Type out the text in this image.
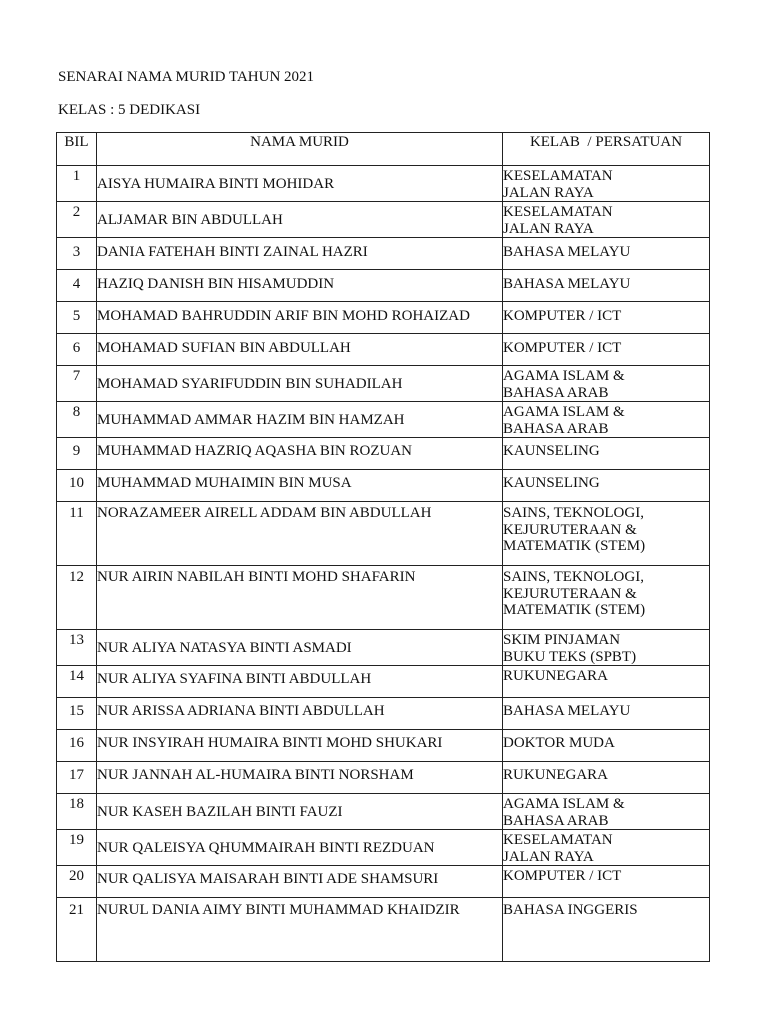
SENARAI NAMA MURID TAHUN 2021

KELAS : 5 DEDIKASI

BIL	NAMA MURID	KELAB  / PERSATUAN
1	AISYA HUMAIRA BINTI MOHIDAR	KESELAMATAN
JALAN RAYA

2	ALJAMAR BIN ABDULLAH	KESELAMATAN
JALAN RAYA

3	DANIA FATEHAH BINTI ZAINAL HAZRI	BAHASA MELAYU

4	HAZIQ DANISH BIN HISAMUDDIN	BAHASA MELAYU

5	MOHAMAD BAHRUDDIN ARIF BIN MOHD ROHAIZAD	KOMPUTER / ICT

6	MOHAMAD SUFIAN BIN ABDULLAH	KOMPUTER / ICT

7	MOHAMAD SYARIFUDDIN BIN SUHADILAH	AGAMA ISLAM &
BAHASA ARAB

8	MUHAMMAD AMMAR HAZIM BIN HAMZAH	AGAMA ISLAM &
BAHASA ARAB

9	MUHAMMAD HAZRIQ AQASHA BIN ROZUAN	KAUNSELING

10	MUHAMMAD MUHAIMIN BIN MUSA	KAUNSELING

11	NORAZAMEER AIRELL ADDAM BIN ABDULLAH	SAINS, TEKNOLOGI,
KEJURUTERAAN &
MATEMATIK (STEM)

12	NUR AIRIN NABILAH BINTI MOHD SHAFARIN	SAINS, TEKNOLOGI,
KEJURUTERAAN &
MATEMATIK (STEM)

13	NUR ALIYA NATASYA BINTI ASMADI	SKIM PINJAMAN
BUKU TEKS (SPBT)

14	NUR ALIYA SYAFINA BINTI ABDULLAH	RUKUNEGARA

15	NUR ARISSA ADRIANA BINTI ABDULLAH	BAHASA MELAYU

16	NUR INSYIRAH HUMAIRA BINTI MOHD SHUKARI	DOKTOR MUDA

17	NUR JANNAH AL-HUMAIRA BINTI NORSHAM	RUKUNEGARA

18	NUR KASEH BAZILAH BINTI FAUZI	AGAMA ISLAM &
BAHASA ARAB

19	NUR QALEISYA QHUMMAIRAH BINTI REZDUAN	KESELAMATAN
JALAN RAYA

20	NUR QALISYA MAISARAH BINTI ADE SHAMSURI	KOMPUTER / ICT

21	NURUL DANIA AIMY BINTI MUHAMMAD KHAIDZIR	BAHASA INGGERIS
